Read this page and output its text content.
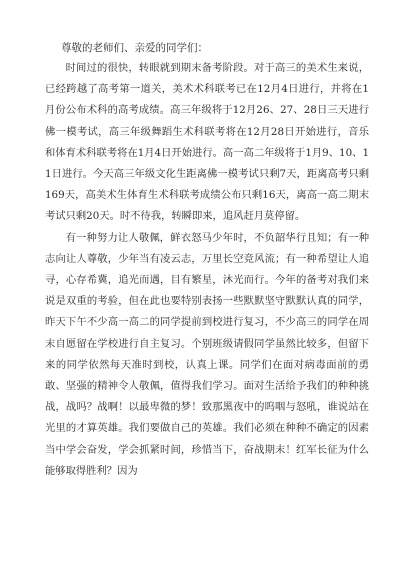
尊敬的老师们、亲爱的同学们：

时间过的很快，转眼就到期末备考阶段。对于高三的美术生来说，已经跨越了高考第一道关，美术术科联考已在12月4日进行，并将在1月份公布术科的高考成绩。高三年级将于12月26、27、28日三天进行佛一模考试，高三年级舞蹈生术科联考将在12月28日开始进行，音乐和体育术科联考将在1月4日开始进行。高一高二年级将于1月9、10、11日进行。今天高三年级文化生距离佛一模考试只剩7天，距离高考只剩169天，高美术生体育生术科联考成绩公布只剩16天，离高一高二期末考试只剩20天。时不待我，转瞬即来，追风赶月莫停留。

有一种努力让人敬佩，鲜衣怒马少年时，不负韶华行且知；有一种志向让人尊敬，少年当有凌云志，万里长空竞风流；有一种希望让人追寻，心存希冀，追光而遇，目有繁星，沐光而行。今年的备考对我们来说是双重的考验，但在此也要特别表扬一些默默坚守默默认真的同学，昨天下午不少高一高二的同学提前到校进行复习，不少高三的同学在周末自愿留在学校进行自主复习。个别班级请假同学虽然比较多，但留下来的同学依然每天准时到校，认真上课。同学们在面对病毒面前的勇敢、坚强的精神令人敬佩，值得我们学习。面对生活给予我们的种种挑战，战吗？战啊！以最卑微的梦！致那黑夜中的呜咽与怒吼，谁说站在光里的才算英雄。我们要做自己的英雄。我们必须在种种不确定的因素当中学会奋发，学会抓紧时间，珍惜当下，奋战期末！红军长征为什么能够取得胜利？因为
